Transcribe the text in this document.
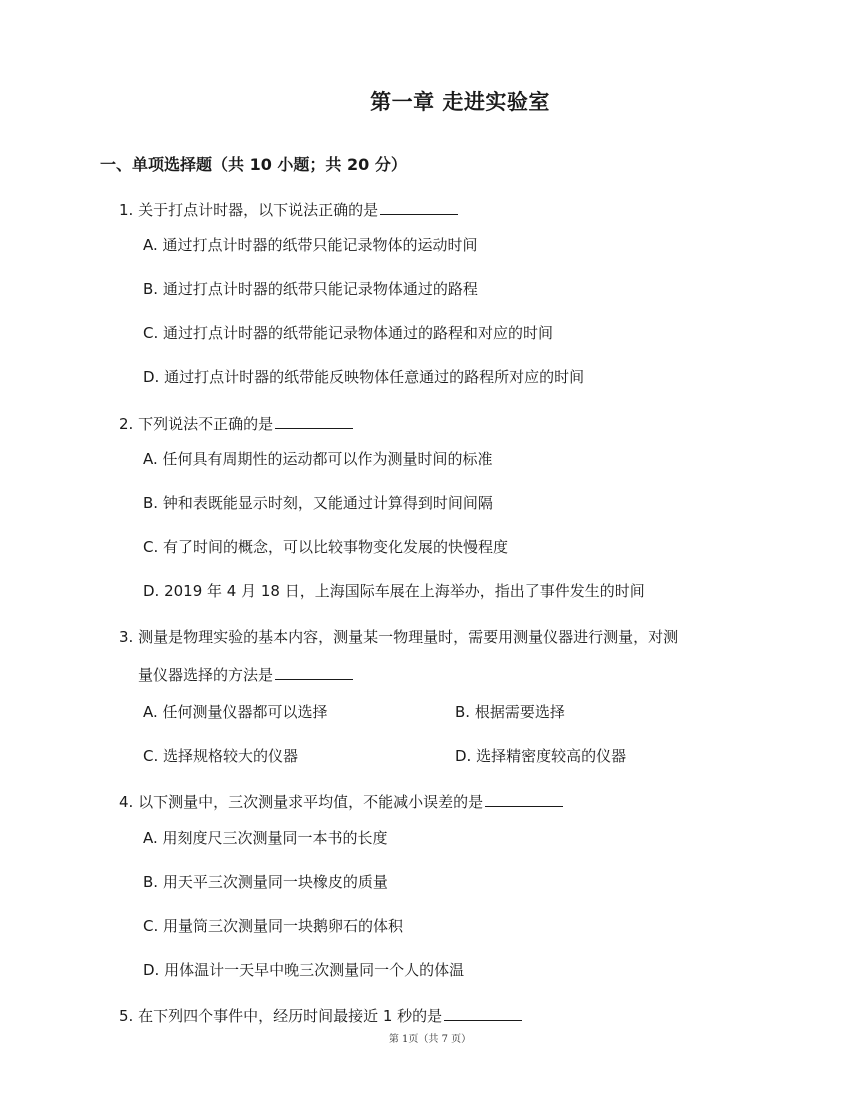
第一章 走进实验室
一、单项选择题（共 10 小题；共 20 分）
1. 关于打点计时器，以下说法正确的是
A. 通过打点计时器的纸带只能记录物体的运动时间
B. 通过打点计时器的纸带只能记录物体通过的路程
C. 通过打点计时器的纸带能记录物体通过的路程和对应的时间
D. 通过打点计时器的纸带能反映物体任意通过的路程所对应的时间
2. 下列说法不正确的是
A. 任何具有周期性的运动都可以作为测量时间的标准
B. 钟和表既能显示时刻，又能通过计算得到时间间隔
C. 有了时间的概念，可以比较事物变化发展的快慢程度
D. 2019 年 4 月 18 日，上海国际车展在上海举办，指出了事件发生的时间
3. 测量是物理实验的基本内容，测量某一物理量时，需要用测量仪器进行测量，对测
量仪器选择的方法是
A. 任何测量仪器都可以选择	B. 根据需要选择
C. 选择规格较大的仪器	D. 选择精密度较高的仪器
4. 以下测量中，三次测量求平均值，不能减小误差的是
A. 用刻度尺三次测量同一本书的长度
B. 用天平三次测量同一块橡皮的质量
C. 用量筒三次测量同一块鹅卵石的体积
D. 用体温计一天早中晚三次测量同一个人的体温
5. 在下列四个事件中，经历时间最接近 1 秒的是
第 1页（共 7 页）
